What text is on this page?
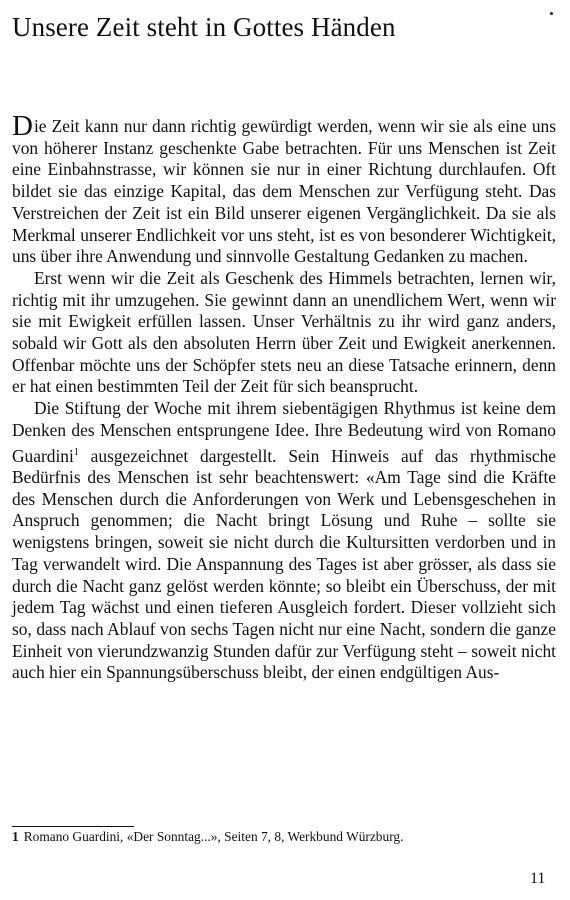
Unsere Zeit steht in Gottes Händen

Die Zeit kann nur dann richtig gewürdigt werden, wenn wir sie als eine uns von höherer Instanz geschenkte Gabe betrachten. Für uns Menschen ist Zeit eine Einbahnstrasse, wir können sie nur in einer Richtung durchlaufen. Oft bildet sie das einzige Kapital, das dem Menschen zur Verfügung steht. Das Verstreichen der Zeit ist ein Bild unserer eigenen Vergänglichkeit. Da sie als Merkmal unserer Endlichkeit vor uns steht, ist es von besonderer Wichtigkeit, uns über ihre Anwendung und sinnvolle Gestaltung Gedanken zu machen.

Erst wenn wir die Zeit als Geschenk des Himmels betrachten, lernen wir, richtig mit ihr umzugehen. Sie gewinnt dann an unendlichem Wert, wenn wir sie mit Ewigkeit erfüllen lassen. Unser Verhältnis zu ihr wird ganz anders, sobald wir Gott als den absoluten Herrn über Zeit und Ewigkeit anerkennen. Offenbar möchte uns der Schöpfer stets neu an diese Tatsache erinnern, denn er hat einen bestimmten Teil der Zeit für sich beansprucht.

Die Stiftung der Woche mit ihrem siebentägigen Rhythmus ist keine dem Denken des Menschen entsprungene Idee. Ihre Bedeutung wird von Romano Guardini$^1$ ausgezeichnet dargestellt. Sein Hinweis auf das rhythmische Bedürfnis des Menschen ist sehr beachtenswert: «Am Tage sind die Kräfte des Menschen durch die Anforderungen von Werk und Lebensgeschehen in Anspruch genommen; die Nacht bringt Lösung und Ruhe – sollte sie wenigstens bringen, soweit sie nicht durch die Kultursitten verdorben und in Tag verwandelt wird. Die Anspannung des Tages ist aber grösser, als dass sie durch die Nacht ganz gelöst werden könnte; so bleibt ein Überschuss, der mit jedem Tag wächst und einen tieferen Ausgleich fordert. Dieser vollzieht sich so, dass nach Ablauf von sechs Tagen nicht nur eine Nacht, sondern die ganze Einheit von vierundzwanzig Stunden dafür zur Verfügung steht – soweit nicht auch hier ein Spannungsüberschuss bleibt, der einen endgültigen Aus-

1 Romano Guardini, «Der Sonntag...», Seiten 7, 8, Werkbund Würzburg.
11
